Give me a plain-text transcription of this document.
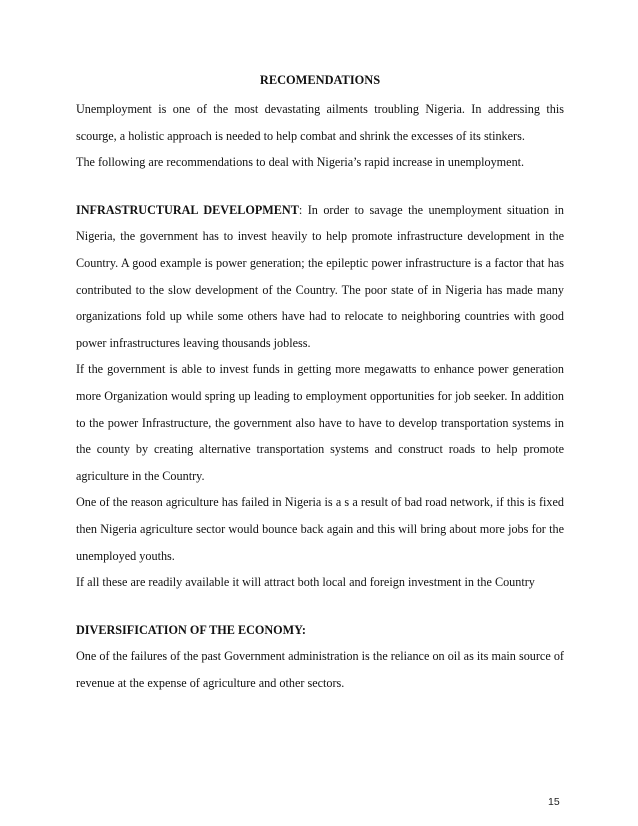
RECOMENDATIONS

Unemployment is one of the most devastating ailments troubling Nigeria. In addressing this scourge, a holistic approach is needed to help combat and shrink the excesses of its stinkers.

The following are recommendations to deal with Nigeria’s rapid increase in unemployment.

INFRASTRUCTURAL DEVELOPMENT: In order to savage the unemployment situation in Nigeria, the government has to invest heavily to help promote infrastructure development in the Country. A good example is power generation; the epileptic power infrastructure is a factor that has contributed to the slow development of the Country. The poor state of in Nigeria has made many organizations fold up while some others have had to relocate to neighboring countries with good power infrastructures leaving thousands jobless.

If the government is able to invest funds in getting more megawatts to enhance power generation more Organization would spring up leading to employment opportunities for job seeker. In addition to the power Infrastructure, the government also have to have to develop transportation systems in the county by creating alternative transportation systems and construct roads to help promote agriculture in the Country.

One of the reason agriculture has failed in Nigeria is a s a result of bad road network, if this is fixed then Nigeria agriculture sector would bounce back again and this will bring about more jobs for the unemployed youths.

If all these are readily available it will attract both local and foreign investment in the Country

DIVERSIFICATION OF THE ECONOMY:

One of the failures of the past Government administration is the reliance on oil as its main source of revenue at the expense of agriculture and other sectors.

15
